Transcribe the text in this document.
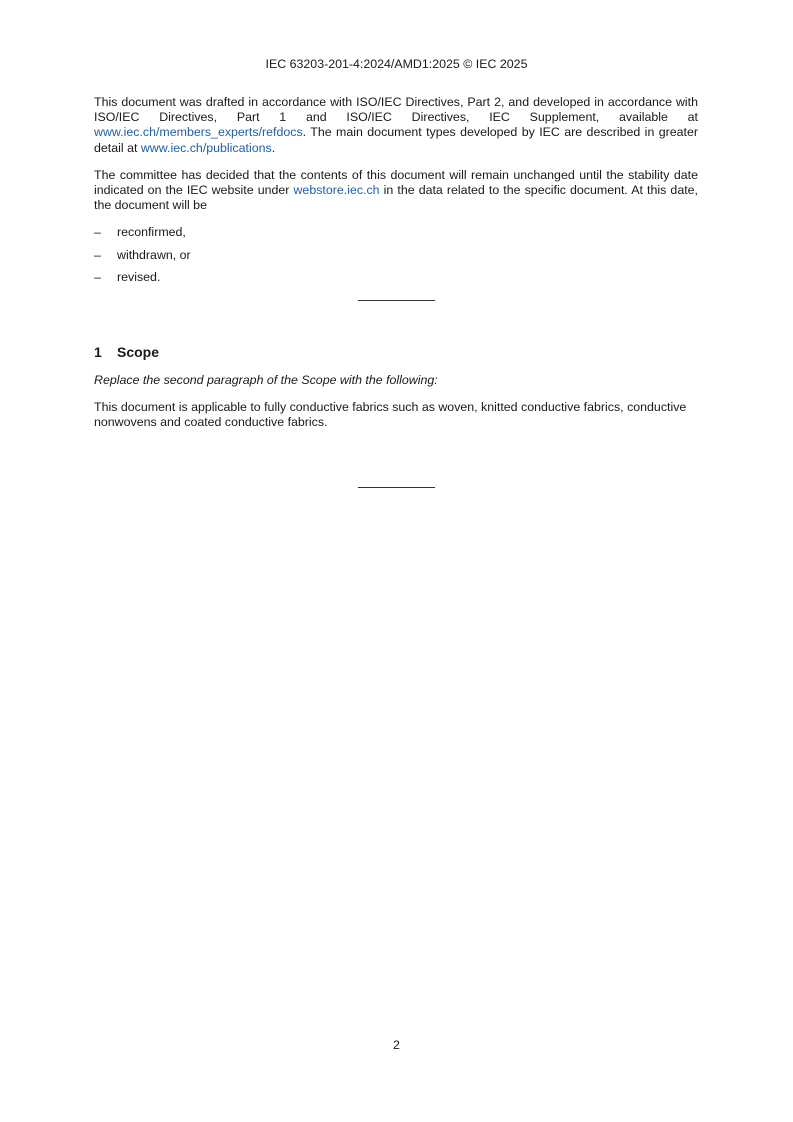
IEC 63203-201-4:2024/AMD1:2025 © IEC 2025

This document was drafted in accordance with ISO/IEC Directives, Part 2, and developed in accordance with ISO/IEC Directives, Part 1 and ISO/IEC Directives, IEC Supplement, available at www.iec.ch/members_experts/refdocs. The main document types developed by IEC are described in greater detail at www.iec.ch/publications.

The committee has decided that the contents of this document will remain unchanged until the stability date indicated on the IEC website under webstore.iec.ch in the data related to the specific document. At this date, the document will be

– reconfirmed,
– withdrawn, or
– revised.
1 Scope

Replace the second paragraph of the Scope with the following:

This document is applicable to fully conductive fabrics such as woven, knitted conductive fabrics, conductive nonwovens and coated conductive fabrics.

2
